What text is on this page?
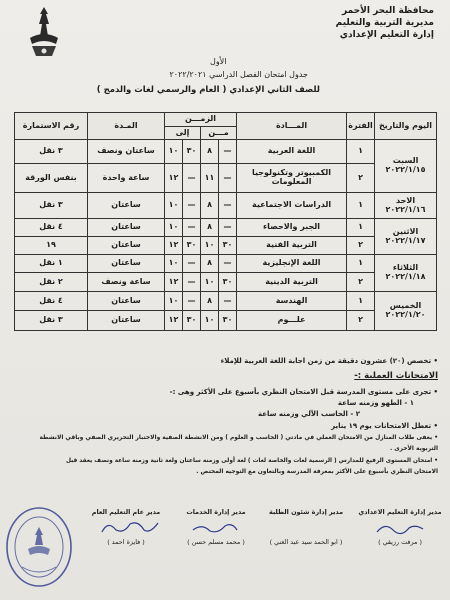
محافظة البحر الأحمر
مديرية التربية والتعليم
إدارة التعليم الإعدادي
الأول
جدول امتحان الفصل الدراسي ٢٠٢٢/٢٠٢١
للصف الثاني الإعدادي ( العام والرسمي لغات والدمج )
اليوم والتاريخ	الفترة	المـــادة	الزمـــن				المـدة	رقم الاستمارة
			مـــن		إلى			

السبت
٢٠٢٢/١/١٥	١	اللغة العربية	—	٨	٣٠	١٠	ساعتان ونصف	٣ نقل
	٢	الكمبيوتر وتكنولوجيا المعلومات	—	١١	—	١٢	ساعة واحدة	بنفس الورقة

الاحد
٢٠٢٢/١/١٦	١	الدراسات الاجتماعية	—	٨	—	١٠	ساعتان	٣ نقل

الاثنين
٢٠٢٢/١/١٧	١	الجبر والاحصاء	—	٨	—	١٠	ساعتان	٤ نقل
	٢	التربية الفنية	٣٠	١٠	٣٠	١٢	ساعتان	١٩

الثلاثاء
٢٠٢٢/١/١٨	١	اللغة الإنجليزية	—	٨	—	١٠	ساعتان	١ نقل
	٢	التربية الدينية	٣٠	١٠	—	١٢	ساعة ونصف	٢ نقل

الخميس
٢٠٢٢/١/٢٠	١	الهندسة	—	٨	—	١٠	ساعتان	٤ نقل
	٢	علـــوم	٣٠	١٠	٣٠	١٢	ساعتان	٣ نقل
• تخصص (٢٠) عشرون دقيقة من زمن اجابة اللغة العربية للإملاء
الامتحانات العملية :-
• تجرى على مستوى المدرسة قبل الامتحان النظري بأسبوع على الأكثر وهى :-
١ - الطهو وزمنه ساعة
٢ - الحاسب الآلي وزمنه ساعة
• تعطل الامتحانات يوم ١٩ يناير
• يعفى طلاب المنازل من الامتحان العملي في مادتي ( الحاسب و العلوم ) ومن الانشطة الصفية والاختبار التحريري الصفي وباقي الانشطة
التربوية الأخرى .
• امتحان المستوى الرفيع للمدارس ( الرسمية لغات والخاصة لغات ) لغة أولى وزمنه ساعتان ولغة ثانية وزمنه ساعة ونصف يعقد قبل
الامتحان النظري بأسبوع على الأكثر بمعرفة المدرسة وبالتعاون مع التوجيه المختص .
مدير إدارة التعليم الاعدادي
( مرفت رزيقي )
مدير إدارة شئون الطلبة
( ابو الحمد سيد عبد الغني )
مدير إدارة الخدمات
( محمد مسلم حسن )
مدير عام التعليم العام
( فايزة احمد )
